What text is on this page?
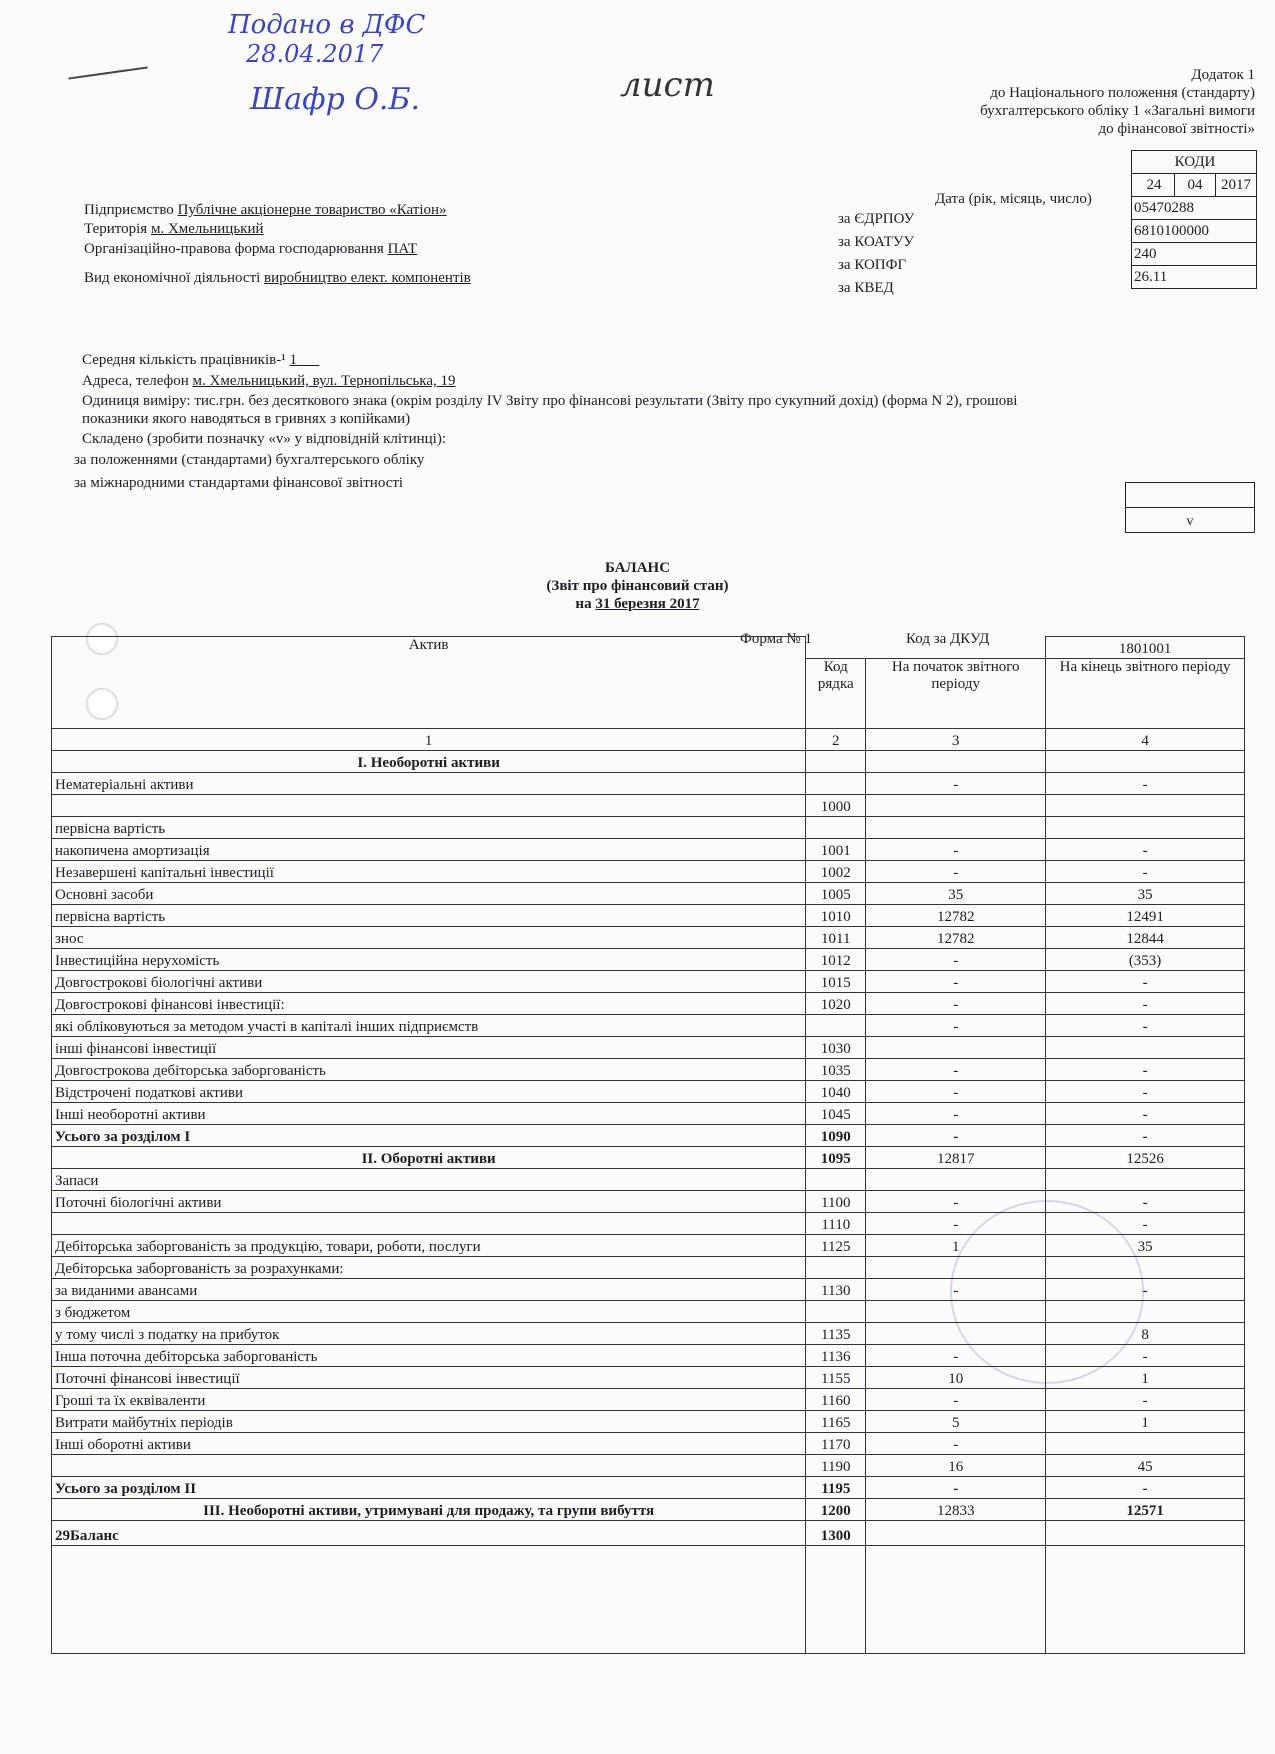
Подано в ДФС
28.04.2017
Шафр О.Б.	лист	Додаток 1
до Національного положення (стандарту)
бухгалтерського обліку 1 «Загальні вимоги
до фінансової звітності»
КОДИ
24	04	2017
05470288
6810100000
240
26.11
Дата (рік, місяць, число)
за ЄДРПОУ
за КОАТУУ
за КОПФГ
за КВЕД
Підприємство Публічне акціонерне товариство «Катіон»
Територія м. Хмельницький
Організаційно-правова форма господарювання ПАТ
Вид економічної діяльності виробництво елект. компонентів
Середня кількість працівників-¹ 1
Адреса, телефон м. Хмельницький, вул. Тернопільська, 19
Одиниця виміру: тис.грн. без десяткового знака (окрім розділу IV Звіту про фінансові результати (Звіту про сукупний дохід) (форма N 2), грошові
показники якого наводяться в гривнях з копійками)
Складено (зробити позначку «v» у відповідній клітинці):
за положеннями (стандартами) бухгалтерського обліку
за міжнародними стандартами фінансової звітності
v
БАЛАНС
(Звіт про фінансовий стан)
на 31 березня 2017
Форма № 1	Код за ДКУД
Актив			1801001
	Код рядка	На початок звітного періоду	На кінець звітного періоду
1	2	3	4
І. Необоротні активи			
Нематеріальні активи		-	-
	1000		
первісна вартість			
накопичена амортизація	1001	-	-
Незавершені капітальні інвестиції	1002	-	-
Основні засоби	1005	35	35
первісна вартість	1010	12782	12491
знос	1011	12782	12844
Інвестиційна нерухомість	1012	-	(353)
Довгострокові біологічні активи	1015	-	-
Довгострокові фінансові інвестиції:	1020	-	-
які обліковуються за методом участі в капіталі інших підприємств		-	-
інші фінансові інвестиції	1030		
Довгострокова дебіторська заборгованість	1035	-	-
Відстрочені податкові активи	1040	-	-
Інші необоротні активи	1045	-	-
Усього за розділом І	1090	-	-
ІІ. Оборотні активи	1095	12817	12526
Запаси			
Поточні біологічні активи	1100	-	-
	1110	-	-
Дебіторська заборгованість за продукцію, товари, роботи, послуги	1125	1	35
Дебіторська заборгованість за розрахунками:			
за виданими авансами	1130	-	-
з бюджетом			
у тому числі з податку на прибуток	1135		8
Інша поточна дебіторська заборгованість	1136	-	-
Поточні фінансові інвестиції	1155	10	1
Гроші та їх еквіваленти	1160	-	-
Витрати майбутніх періодів	1165	5	1
Інші оборотні активи	1170	-	
	1190	16	45
Усього за розділом ІІ	1195	-	-
ІІІ. Необоротні активи, утримувані для продажу, та групи вибуття	1200	12833	12571
29Баланс	1300		
